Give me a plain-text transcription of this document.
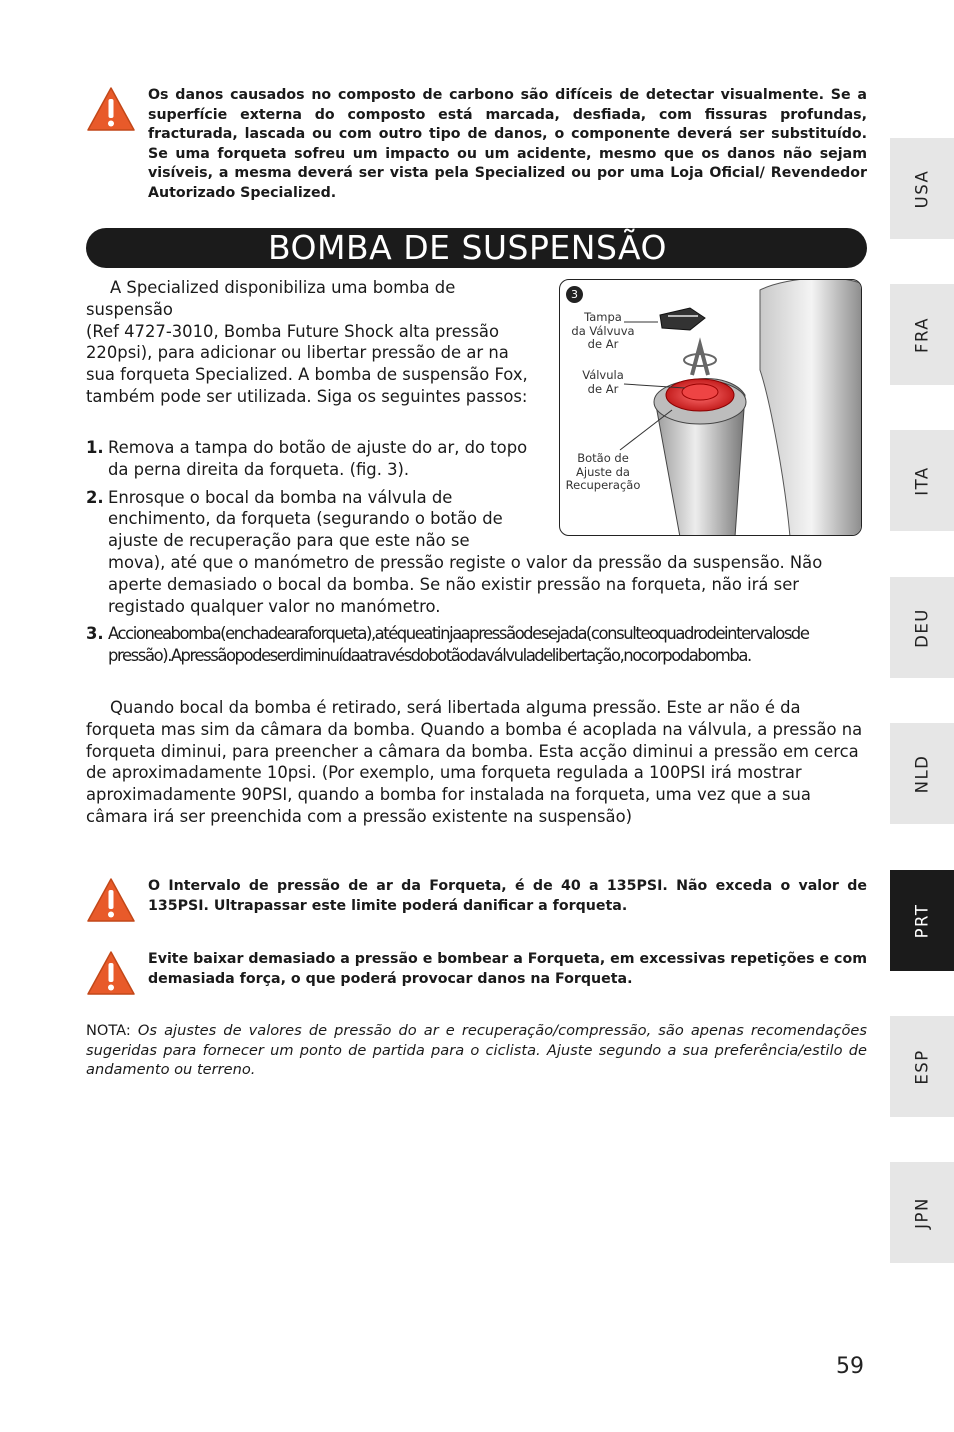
Os danos causados no composto de carbono são difíceis de detectar visualmente. Se a superfície externa do composto está marcada, desfiada, com fissuras profundas, fracturada, lascada ou com outro tipo de danos, o componente deverá ser substituído. Se uma forqueta sofreu um impacto ou um acidente, mesmo que os danos não sejam visíveis, a mesma deverá ser vista pela Specialized ou por uma Loja Oficial/ Revendedor Autorizado Specialized.
BOMBA DE SUSPENSÃO

A Specialized disponibiliza uma bomba de suspensão

(Ref 4727-3010, Bomba Future Shock alta pressão 220psi), para adicionar ou libertar pressão de ar na sua forqueta Specialized. A bomba de suspensão Fox, também pode ser utilizada. Siga os seguintes passos:

3
Tampa
da Válvuva
de Ar
Válvula
de Ar
Botão de
Ajuste da
Recuperação
1. Remova a tampa do botão de ajuste do ar, do topo da perna direita da forqueta. (fig. 3).
2. Enrosque o bocal da bomba na válvula de enchimento, da forqueta (segurando o botão de ajuste de recuperação para que este não se
mova), até que o manómetro de pressão registe o valor da pressão da suspensão. Não aperte demasiado o bocal da bomba. Se não existir pressão na forqueta, não irá ser registado qualquer valor no manómetro.
3. Accione a bomba (encha de ar a forqueta), até que atinja a pressão desejada (consulte o quadro de intervalos de pressão). A pressão pode ser diminuída através do botão da válvula de libertação, no corpo da bomba.

Quando bocal da bomba é retirado, será libertada alguma pressão. Este ar não é da forqueta mas sim da câmara da bomba. Quando a bomba é acoplada na válvula, a pressão na forqueta diminui, para preencher a câmara da bomba. Esta acção diminui a pressão em cerca de aproximadamente 10psi. (Por exemplo, uma forqueta regulada a 100PSI irá mostrar aproximadamente 90PSI, quando a bomba for instalada na forqueta, uma vez que a sua câmara irá ser preenchida com a pressão existente na suspensão)

O Intervalo de pressão de ar da Forqueta, é de 40 a 135PSI. Não exceda o valor de 135PSI. Ultrapassar este limite poderá danificar a forqueta.
Evite baixar demasiado a pressão e bombear a Forqueta, em excessivas repetições e com demasiada força, o que poderá provocar danos na Forqueta.
NOTA: Os ajustes de valores de pressão do ar e recuperação/compressão, são apenas recomendações sugeridas para fornecer um ponto de partida para o ciclista. Ajuste segundo a sua preferência/estilo de andamento ou terreno.
USA
FRA
ITA
DEU
NLD
PRT
ESP
JPN
59
